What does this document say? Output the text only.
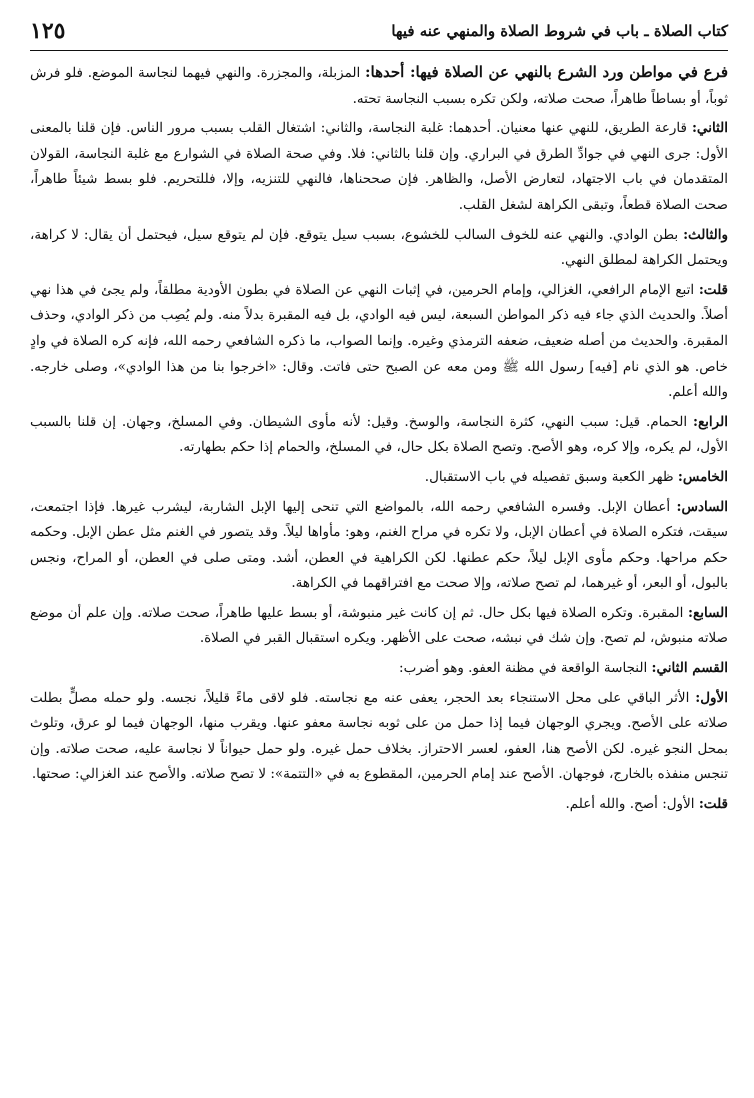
كتاب الصلاة ـ باب في شروط الصلاة والمنهي عنه فيها
١٢٥

فرع في مواطن ورد الشرع بالنهي عن الصلاة فيها: أحدها: المزبلة، والمجزرة. والنهي فيهما لنجاسة الموضع. فلو فرش ثوباً، أو بساطاً طاهراً، صحت صلاته، ولكن تكره بسبب النجاسة تحته.

الثاني: قارعة الطريق، للنهي عنها معنيان. أحدهما: غلبة النجاسة، والثاني: اشتغال القلب بسبب مرور الناس. فإن قلنا بالمعنى الأول: جرى النهي في جوادِّ الطرق في البراري. وإن قلنا بالثاني: فلا. وفي صحة الصلاة في الشوارع مع غلبة النجاسة، القولان المتقدمان في باب الاجتهاد، لتعارض الأصل، والظاهر. فإن صححناها، فالنهي للتنزيه، وإلا، فللتحريم. فلو بسط شيئاً طاهراً، صحت الصلاة قطعاً، وتبقى الكراهة لشغل القلب.

والثالث: بطن الوادي. والنهي عنه للخوف السالب للخشوع، بسبب سيل يتوقع. فإن لم يتوقع سيل، فيحتمل أن يقال: لا كراهة، ويحتمل الكراهة لمطلق النهي.

قلت: اتبع الإمام الرافعي، الغزالي، وإمام الحرمين، في إثبات النهي عن الصلاة في بطون الأودية مطلقاً، ولم يجئ في هذا نهي أصلاً. والحديث الذي جاء فيه ذكر المواطن السبعة، ليس فيه الوادي، بل فيه المقبرة بدلاً منه. ولم يُصِب من ذكر الوادي، وحذف المقبرة. والحديث من أصله ضعيف، ضعفه الترمذي وغيره. وإنما الصواب، ما ذكره الشافعي رحمه الله، فإنه كره الصلاة في وادٍ خاص. هو الذي نام [فيه] رسول الله ﷺ ومن معه عن الصبح حتى فاتت. وقال: «اخرجوا بنا من هذا الوادي»، وصلى خارجه. والله أعلم.

الرابع: الحمام. قيل: سبب النهي، كثرة النجاسة، والوسخ. وقيل: لأنه مأوى الشيطان. وفي المسلخ، وجهان. إن قلنا بالسبب الأول، لم يكره، وإلا كره، وهو الأصح. وتصح الصلاة بكل حال، في المسلخ، والحمام إذا حكم بطهارته.

الخامس: ظهر الكعبة وسبق تفصيله في باب الاستقبال.

السادس: أعطان الإبل. وفسره الشافعي رحمه الله، بالمواضع التي تنحى إليها الإبل الشاربة، ليشرب غيرها. فإذا اجتمعت، سيقت، فتكره الصلاة في أعطان الإبل، ولا تكره في مراح الغنم، وهو: مأواها ليلاً. وقد يتصور في الغنم مثل عطن الإبل. وحكمه حكم مراحها. وحكم مأوى الإبل ليلاً، حكم عطنها. لكن الكراهية في العطن، أشد. ومتى صلى في العطن، أو المراح، ونجس بالبول، أو البعر، أو غيرهما، لم تصح صلاته، وإلا صحت مع افتراقهما في الكراهة.

السابع: المقبرة. وتكره الصلاة فيها بكل حال. ثم إن كانت غير منبوشة، أو بسط عليها طاهراً، صحت صلاته. وإن علم أن موضع صلاته منبوش، لم تصح. وإن شك في نبشه، صحت على الأظهر. ويكره استقبال القبر في الصلاة.

القسم الثاني: النجاسة الواقعة في مظنة العفو. وهو أضرب:

الأول: الأثر الباقي على محل الاستنجاء بعد الحجر، يعفى عنه مع نجاسته. فلو لاقى ماءً قليلاً، نجسه. ولو حمله مصلٍّ بطلت صلاته على الأصح. ويجري الوجهان فيما إذا حمل من على ثوبه نجاسة معفو عنها. ويقرب منها، الوجهان فيما لو عرق، وتلوث بمحل النجو غيره. لكن الأصح هنا، العفو، لعسر الاحتراز. بخلاف حمل غيره. ولو حمل حيواناً لا نجاسة عليه، صحت صلاته. وإن تنجس منفذه بالخارج، فوجهان. الأصح عند إمام الحرمين، المقطوع به في «التتمة»: لا تصح صلاته. والأصح عند الغزالي: صحتها.

قلت: الأول: أصح. والله أعلم.
